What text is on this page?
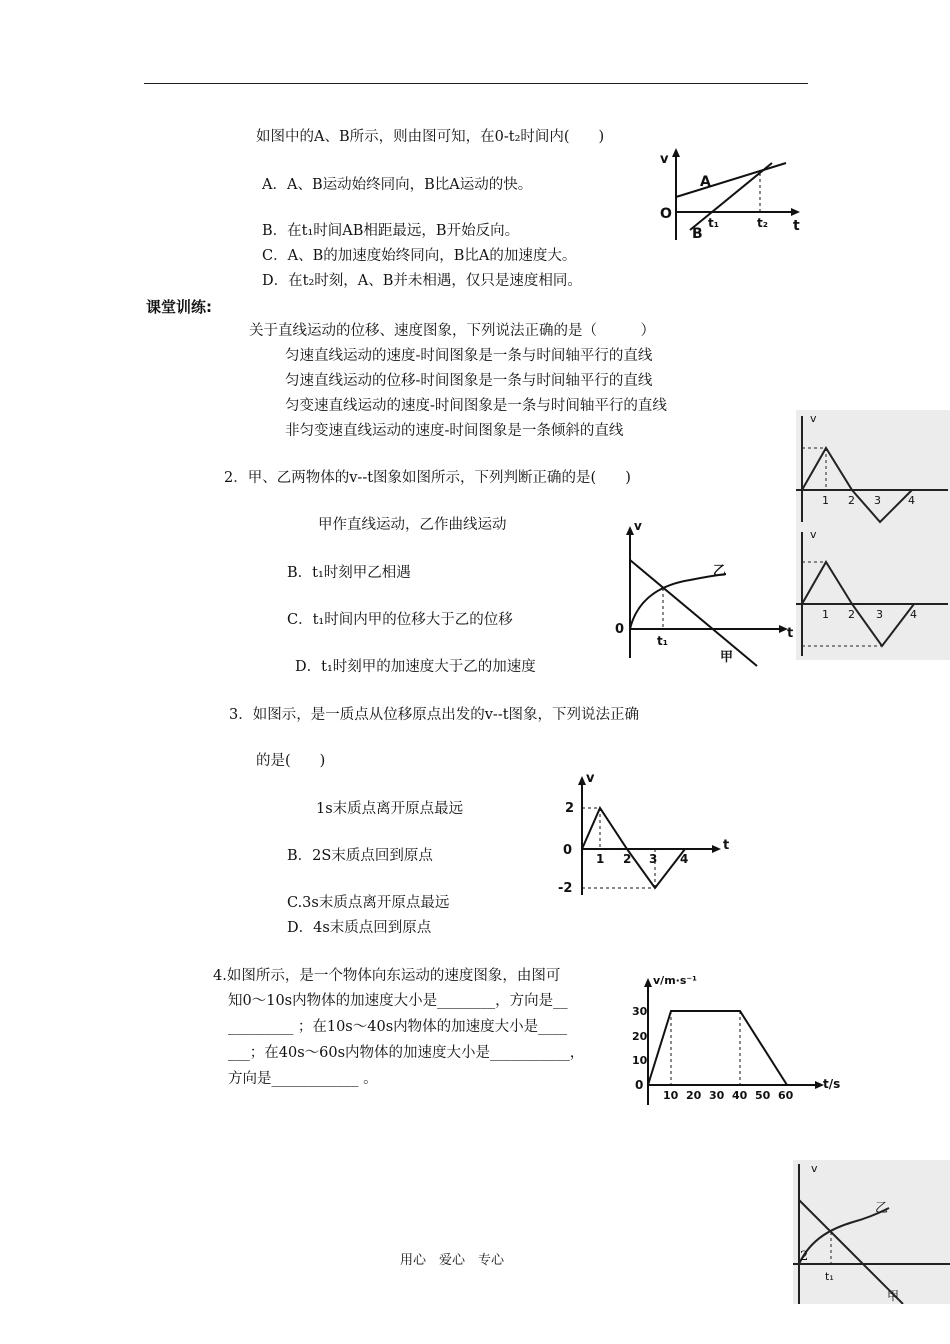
如图中的A、B所示，则由图可知，在0-t₂时间内(　　)
A．A、B运动始终同向，B比A运动的快。
B．在t₁时间AB相距最远，B开始反向。
C．A、B的加速度始终同向，B比A的加速度大。
D．在t₂时刻，A、B并未相遇，仅只是速度相同。
v
O
A
B
t₁	t₂ t
课堂训练:
关于直线运动的位移、速度图象，下列说法正确的是（　　　）
匀速直线运动的速度-时间图象是一条与时间轴平行的直线
匀速直线运动的位移-时间图象是一条与时间轴平行的直线
匀变速直线运动的速度-时间图象是一条与时间轴平行的直线
非匀变速直线运动的速度-时间图象是一条倾斜的直线
2．甲、乙两物体的v--t图象如图所示，下列判断正确的是(　　)
甲作直线运动，乙作曲线运动
B．t₁时刻甲乙相遇
C．t₁时间内甲的位移大于乙的位移
D．t₁时刻甲的加速度大于乙的加速度
v
0
t₁	t
乙
甲
3．如图示，是一质点从位移原点出发的v--t图象，下列说法正确
的是(　　)
1s末质点离开原点最远
B．2S末质点回到原点
C.3s末质点离开原点最远
D．4s末质点回到原点
v
t
2
0
-2
1 2 3 4
4.如图所示，是一个物体向东运动的速度图象，由图可
知0～10s内物体的加速度大小是________，方向是__
_________ ；在10s～40s内物体的加速度大小是____
___；在40s～60s内物体的加速度大小是___________，
方向是____________ 。
v/m·s⁻¹
t/s
30
20
10
0
10 20 30 40 50 60
v
1 2 3 4
v
1 2 3 4
v
乙
t₁
甲
用心　爱心　专心	2
